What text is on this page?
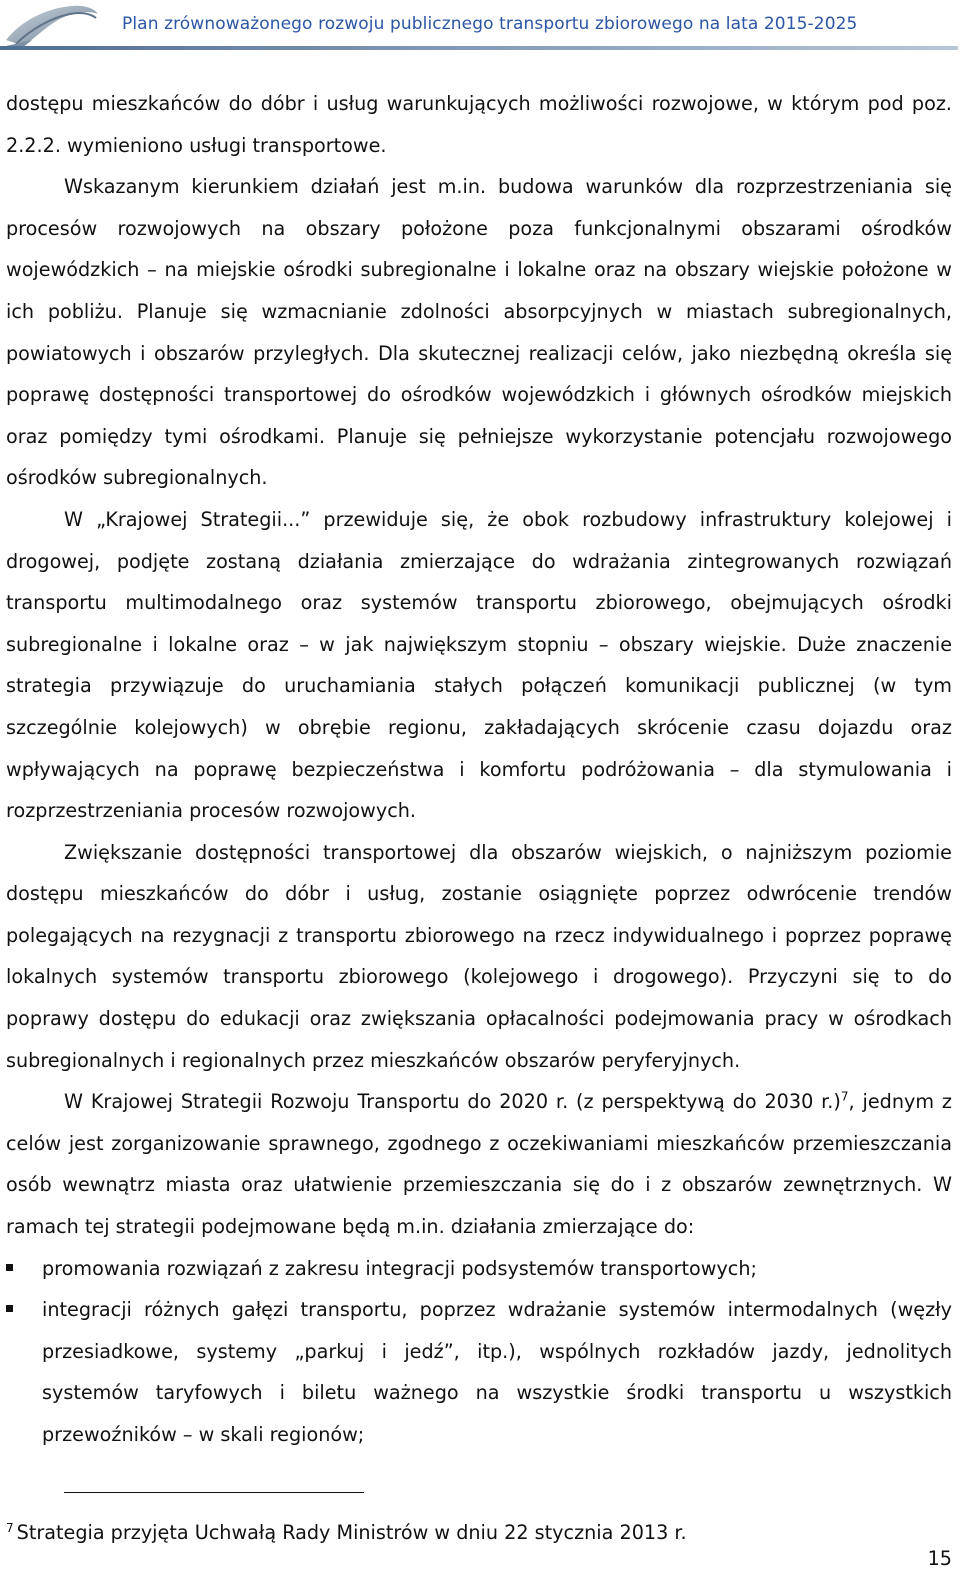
Plan zrównoważonego rozwoju publicznego transportu zbiorowego na lata 2015-2025

dostępu mieszkańców do dóbr i usług warunkujących możliwości rozwojowe, w którym pod poz. 2.2.2. wymieniono usługi transportowe.

Wskazanym kierunkiem działań jest m.in. budowa warunków dla rozprzestrzeniania się procesów rozwojowych na obszary położone poza funkcjonalnymi obszarami ośrodków wojewódzkich – na miejskie ośrodki subregionalne i lokalne oraz na obszary wiejskie położone w ich pobliżu. Planuje się wzmacnianie zdolności absorpcyjnych w miastach subregionalnych, powiatowych i obszarów przyległych. Dla skutecznej realizacji celów, jako niezbędną określa się poprawę dostępności transportowej do ośrodków wojewódzkich i głównych ośrodków miejskich oraz pomiędzy tymi ośrodkami. Planuje się pełniejsze wykorzystanie potencjału rozwojowego ośrodków subregionalnych.

W „Krajowej Strategii...” przewiduje się, że obok rozbudowy infrastruktury kolejowej i drogowej, podjęte zostaną działania zmierzające do wdrażania zintegrowanych rozwiązań transportu multimodalnego oraz systemów transportu zbiorowego, obejmujących ośrodki subregionalne i lokalne oraz – w jak największym stopniu – obszary wiejskie. Duże znaczenie strategia przywiązuje do uruchamiania stałych połączeń komunikacji publicznej (w tym szczególnie kolejowych) w obrębie regionu, zakładających skrócenie czasu dojazdu oraz wpływających na poprawę bezpieczeństwa i komfortu podróżowania – dla stymulowania i rozprzestrzeniania procesów rozwojowych.

Zwiększanie dostępności transportowej dla obszarów wiejskich, o najniższym poziomie dostępu mieszkańców do dóbr i usług, zostanie osiągnięte poprzez odwrócenie trendów polegających na rezygnacji z transportu zbiorowego na rzecz indywidualnego i poprzez poprawę lokalnych systemów transportu zbiorowego (kolejowego i drogowego). Przyczyni się to do poprawy dostępu do edukacji oraz zwiększania opłacalności podejmowania pracy w ośrodkach subregionalnych i regionalnych przez mieszkańców obszarów peryferyjnych.

W Krajowej Strategii Rozwoju Transportu do 2020 r. (z perspektywą do 2030 r.)$^7$, jednym z celów jest zorganizowanie sprawnego, zgodnego z oczekiwaniami mieszkańców przemieszczania osób wewnątrz miasta oraz ułatwienie przemieszczania się do i z obszarów zewnętrznych. W ramach tej strategii podejmowane będą m.in. działania zmierzające do:

promowania rozwiązań z zakresu integracji podsystemów transportowych;
integracji różnych gałęzi transportu, poprzez wdrażanie systemów intermodalnych (węzły przesiadkowe, systemy „parkuj i jedź”, itp.), wspólnych rozkładów jazdy, jednolitych systemów taryfowych i biletu ważnego na wszystkie środki transportu u wszystkich przewoźników – w skali regionów;
$^7$ Strategia przyjęta Uchwałą Rady Ministrów w dniu 22 stycznia 2013 r.
15
